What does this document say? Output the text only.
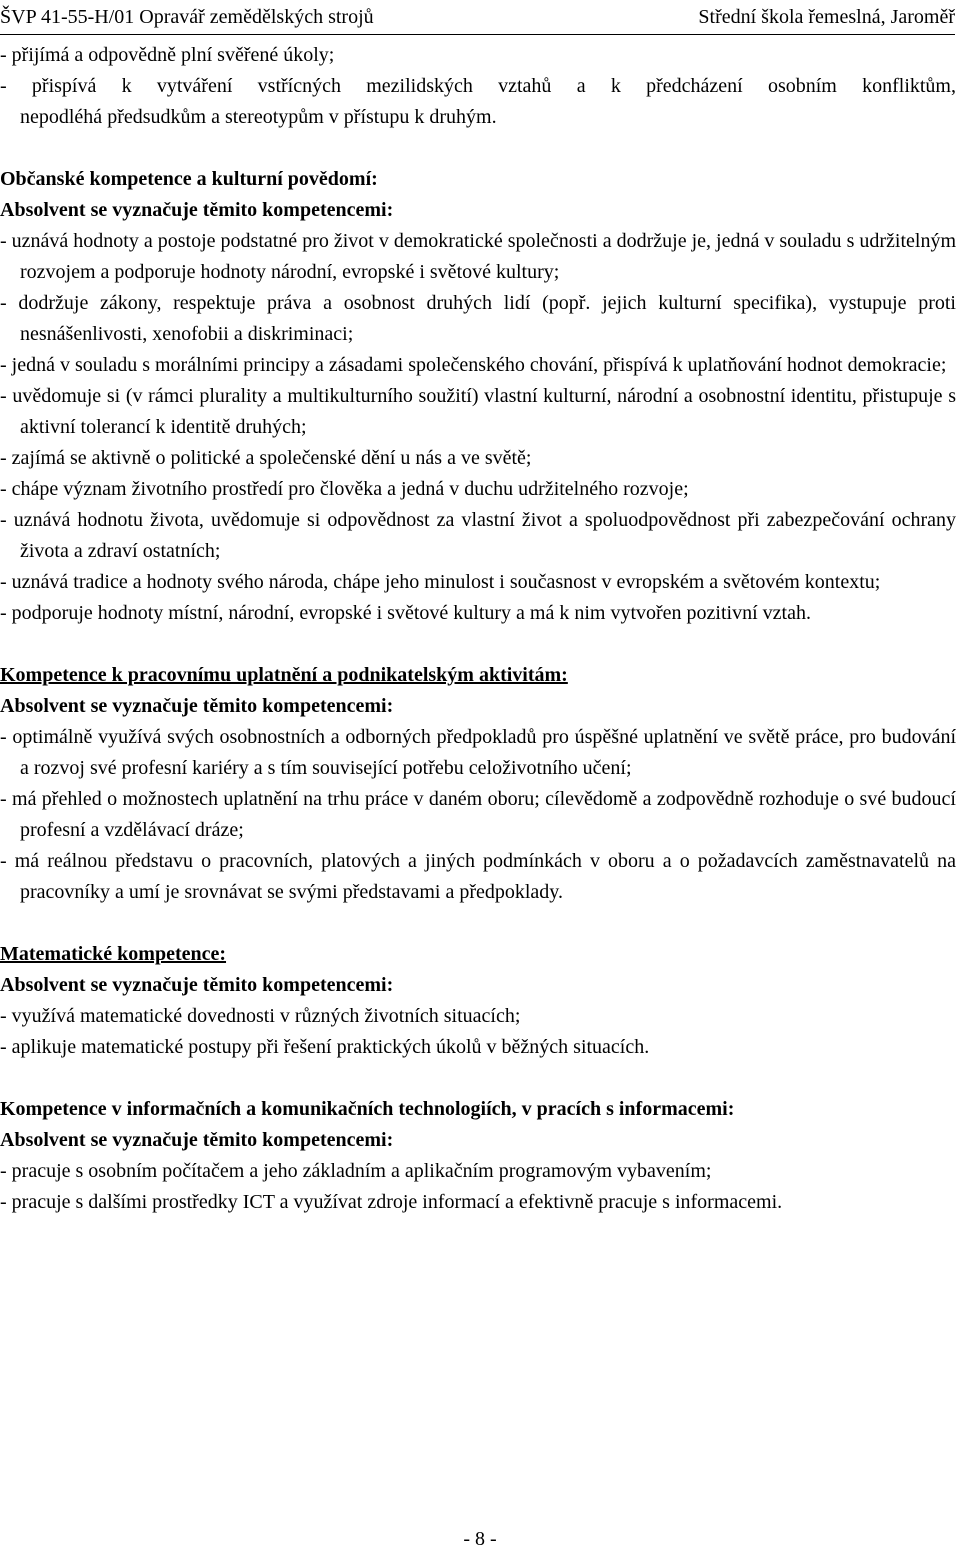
ŠVP 41-55-H/01 Opravář zemědělských strojů	Střední škola řemeslná, Jaroměř

- přijímá a odpovědně plní svěřené úkoly;

- přispívá k vytváření vstřícných mezilidských vztahů a k předcházení osobním konfliktům,

nepodléhá předsudkům a stereotypům v přístupu k druhým.

Občanské kompetence a kulturní povědomí:

Absolvent se vyznačuje těmito kompetencemi:

- uznává hodnoty a postoje podstatné pro život v demokratické společnosti a dodržuje je, jedná v souladu s udržitelným rozvojem a podporuje hodnoty národní, evropské i světové kultury;

- dodržuje zákony, respektuje práva a osobnost druhých lidí (popř. jejich kulturní specifika), vystupuje proti nesnášenlivosti, xenofobii a diskriminaci;

- jedná v souladu s morálními principy a zásadami společenského chování, přispívá k uplatňování hodnot demokracie;

- uvědomuje si (v rámci plurality a multikulturního soužití) vlastní kulturní, národní a osobnostní identitu, přistupuje s aktivní tolerancí k identitě druhých;

- zajímá se aktivně o politické a společenské dění u nás a ve světě;

- chápe význam životního prostředí pro člověka a jedná v duchu udržitelného rozvoje;

- uznává hodnotu života, uvědomuje si odpovědnost za vlastní život a spoluodpovědnost při zabezpečování ochrany života a zdraví ostatních;

- uznává tradice a hodnoty svého národa, chápe jeho minulost i současnost v evropském a světovém kontextu;

- podporuje hodnoty místní, národní, evropské i světové kultury a má k nim vytvořen pozitivní vztah.

Kompetence k pracovnímu uplatnění a podnikatelským aktivitám:

Absolvent se vyznačuje těmito kompetencemi:

- optimálně využívá svých osobnostních a odborných předpokladů pro úspěšné uplatnění ve světě práce, pro budování a rozvoj své profesní kariéry a s tím související potřebu celoživotního učení;

- má přehled o možnostech uplatnění na trhu práce v daném oboru; cílevědomě a zodpovědně rozhoduje o své budoucí profesní a vzdělávací dráze;

- má reálnou představu o pracovních, platových a jiných podmínkách v oboru a o požadavcích zaměstnavatelů na pracovníky a umí je srovnávat se svými představami a předpoklady.

Matematické kompetence:

Absolvent se vyznačuje těmito kompetencemi:

- využívá matematické dovednosti v různých životních situacích;

- aplikuje matematické postupy při řešení praktických úkolů v běžných situacích.

Kompetence v informačních a komunikačních technologiích, v pracích s informacemi:

Absolvent se vyznačuje těmito kompetencemi:

- pracuje s osobním počítačem a jeho základním a aplikačním programovým vybavením;

- pracuje s dalšími prostředky ICT a využívat zdroje informací a efektivně pracuje s informacemi.

- 8 -
